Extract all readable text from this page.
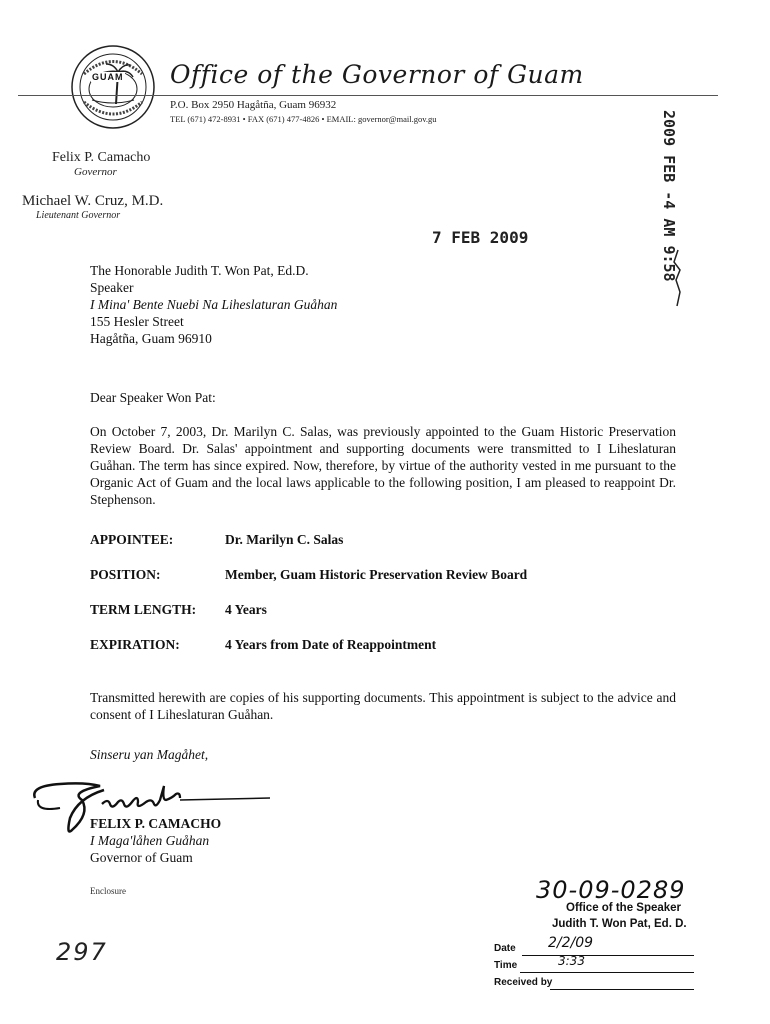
GUAM Office of the Governor of Guam
P.O. Box 2950 Hagåtña, Guam 96932
TEL (671) 472-8931 • FAX (671) 477-4826 • EMAIL: governor@mail.gov.gu
Felix P. Camacho
Governor
Michael W. Cruz, M.D.
Lieutenant Governor
7 FEB 2009	2009 FEB -4 AM 9:58
The Honorable Judith T. Won Pat, Ed.D.
Speaker
I Mina' Bente Nuebi Na Liheslaturan Guåhan
155 Hesler Street
Hagåtña, Guam 96910
Dear Speaker Won Pat:
On October 7, 2003, Dr. Marilyn C. Salas, was previously appointed to the Guam Historic Preservation Review Board. Dr. Salas' appointment and supporting documents were transmitted to I Liheslaturan Guåhan. The term has since expired. Now, therefore, by virtue of the authority vested in me pursuant to the Organic Act of Guam and the local laws applicable to the following position, I am pleased to reappoint Dr. Stephenson.
APPOINTEE:	Dr. Marilyn C. Salas
POSITION:	Member, Guam Historic Preservation Review Board
TERM LENGTH: 4 Years
EXPIRATION:	4 Years from Date of Reappointment
Transmitted herewith are copies of his supporting documents. This appointment is subject to the advice and consent of I Liheslaturan Guåhan.
Sinseru yan Magåhet,
FELIX P. CAMACHO
I Maga'låhen Guåhan
Governor of Guam
Enclosure
297
30-09-0289
Office of the Speaker
Judith T. Won Pat, Ed. D.
Date 2/2/09
Time	3:33
Received by
